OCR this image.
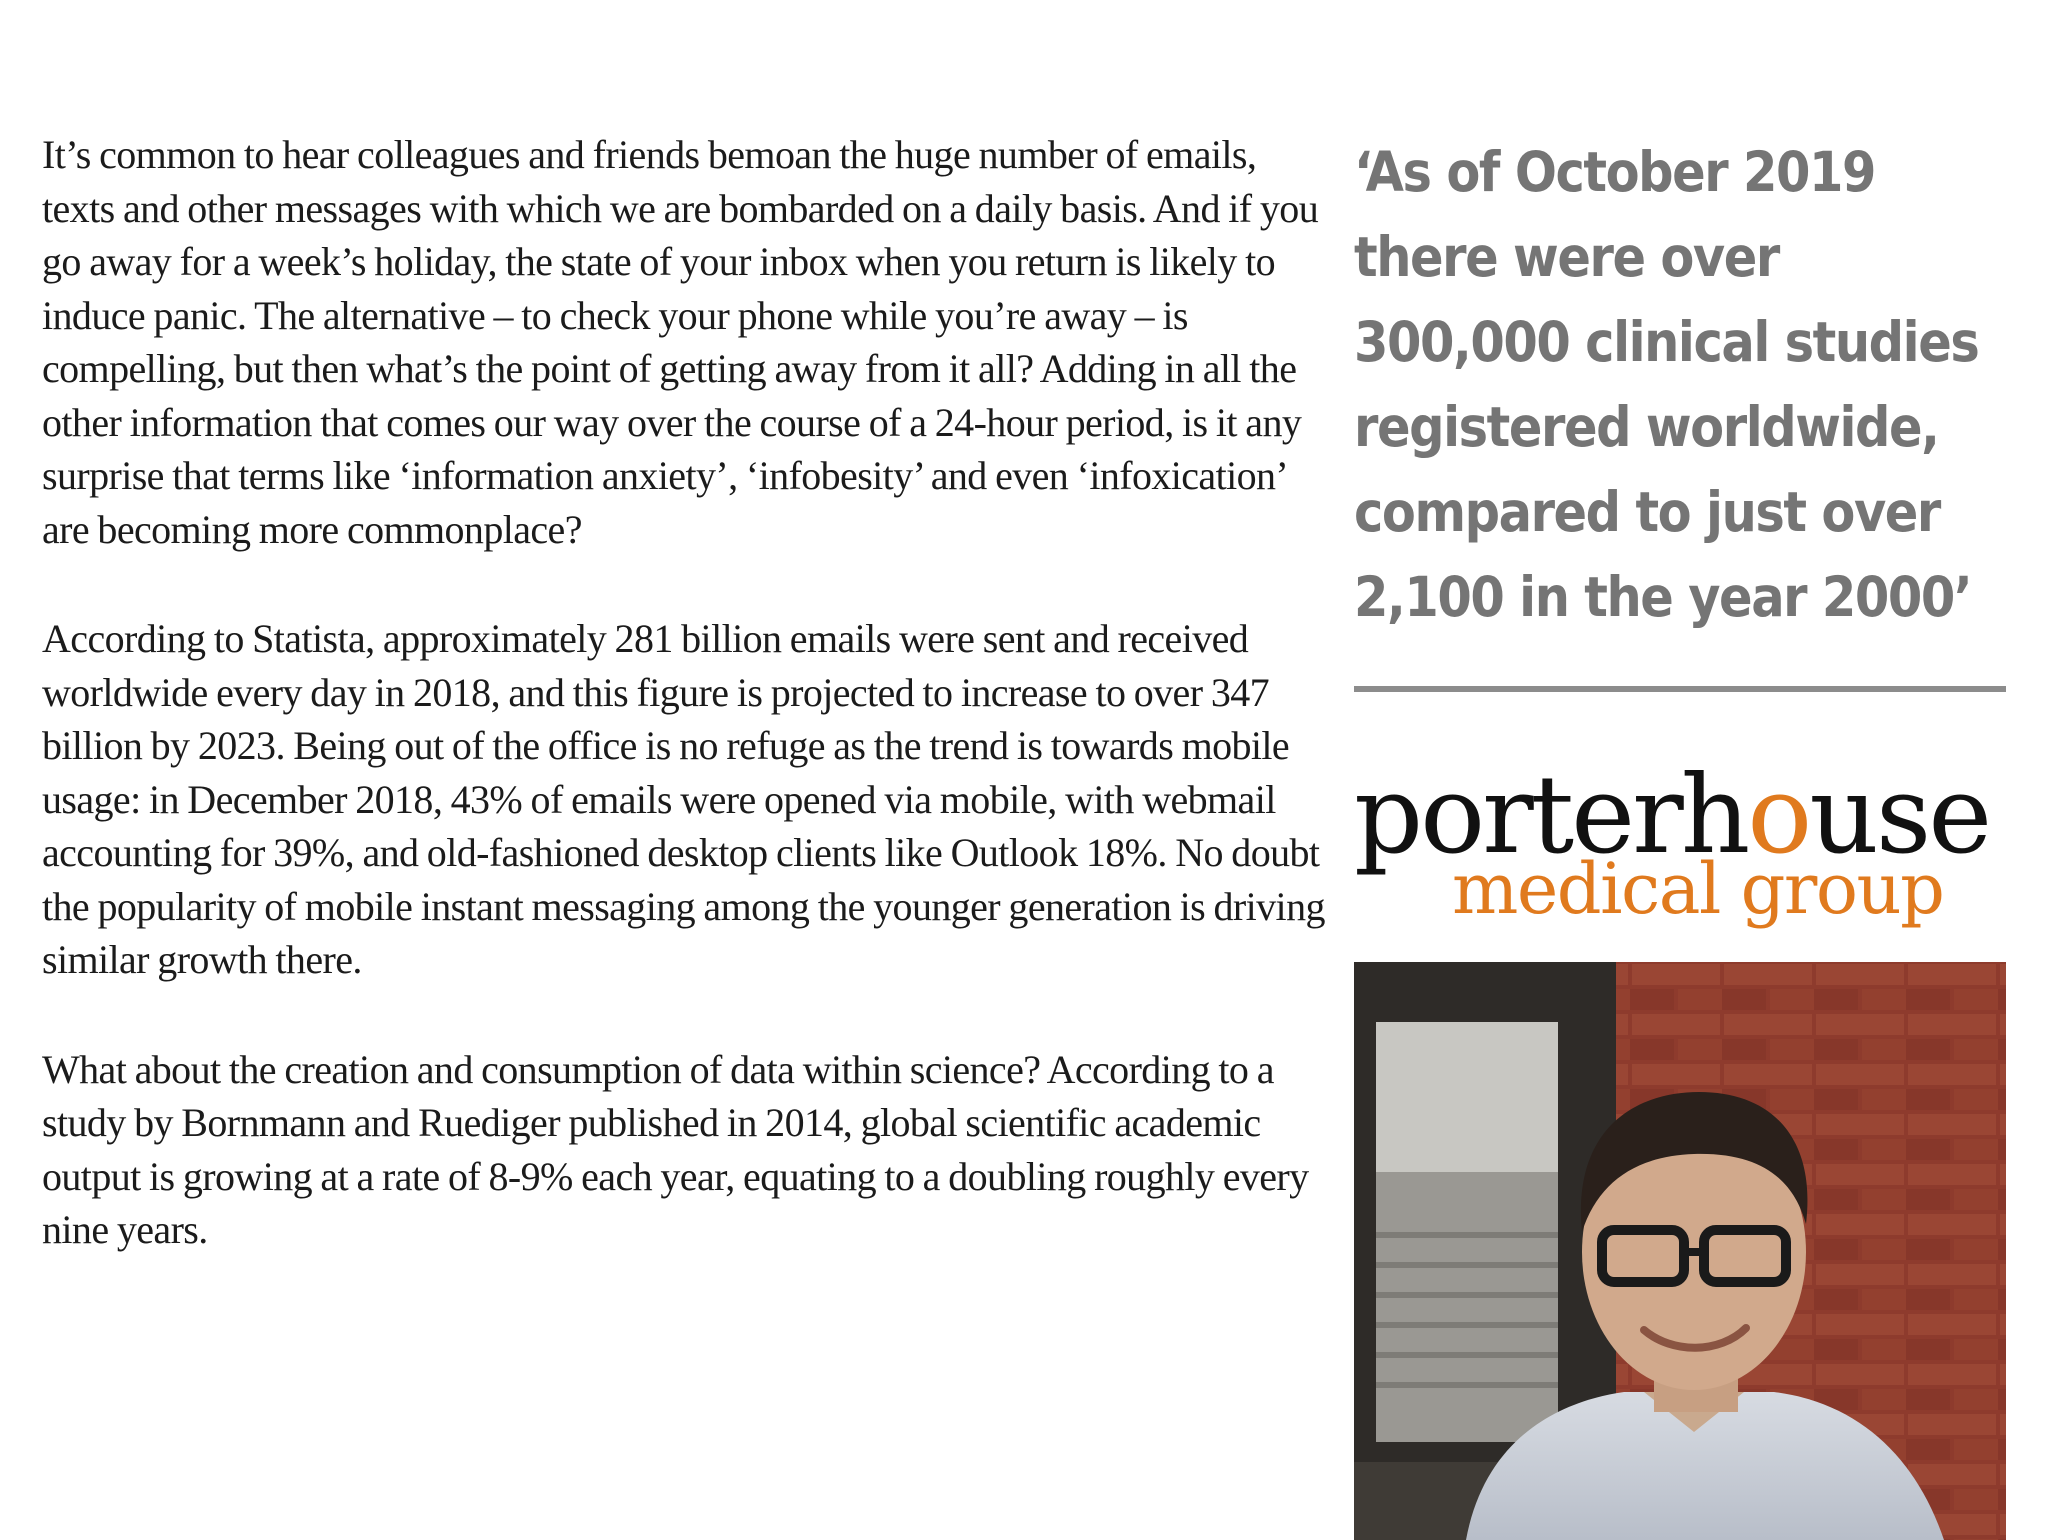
It’s common to hear colleagues and friends bemoan the huge number of emails, texts and other messages with which we are bombarded on a daily basis. And if you go away for a week’s holiday, the state of your inbox when you return is likely to induce panic. The alternative – to check your phone while you’re away – is compelling, but then what’s the point of getting away from it all? Adding in all the other information that comes our way over the course of a 24-hour period, is it any surprise that terms like ‘information anxiety’, ‘infobesity’ and even ‘infoxication’ are becoming more commonplace?

According to Statista, approximately 281 billion emails were sent and received worldwide every day in 2018, and this figure is projected to increase to over 347 billion by 2023. Being out of the office is no refuge as the trend is towards mobile usage: in December 2018, 43% of emails were opened via mobile, with webmail accounting for 39%, and old-fashioned desktop clients like Outlook 18%. No doubt the popularity of mobile instant messaging among the younger generation is driving similar growth there.

What about the creation and consumption of data within science? According to a study by Bornmann and Ruediger published in 2014, global scientific academic output is growing at a rate of 8-9% each year, equating to a doubling roughly every nine years.

‘As of October 2019 there were over 300,000 clinical studies registered worldwide, compared to just over 2,100 in the year 2000’

porterhouse
medical group
